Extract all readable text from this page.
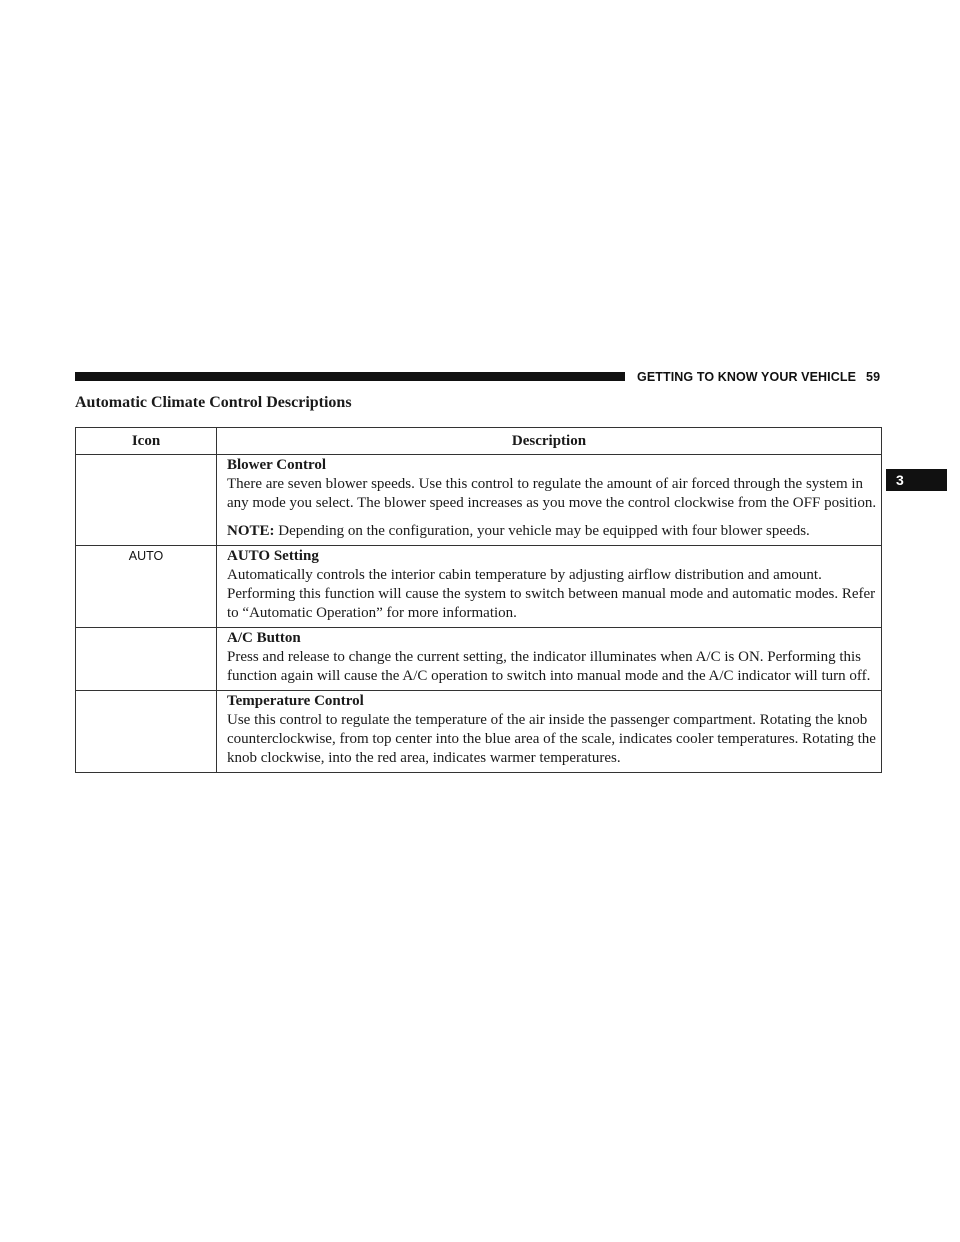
GETTING TO KNOW YOUR VEHICLE 59
3
Automatic Climate Control Descriptions
Icon	Description

	Blower Control
There are seven blower speeds. Use this control to regulate the amount of air forced through the system in any mode you select. The blower speed increases as you move the control clockwise from the OFF position.
NOTE: Depending on the configuration, your vehicle may be equipped with four blower speeds.

AUTO	AUTO Setting
Automatically controls the interior cabin temperature by adjusting airflow distribution and amount. Performing this function will cause the system to switch between manual mode and automatic modes. Refer to “Automatic Operation” for more information.

	A/C Button
Press and release to change the current setting, the indicator illuminates when A/C is ON. Performing this function again will cause the A/C operation to switch into manual mode and the A/C indicator will turn off.

	Temperature Control
Use this control to regulate the temperature of the air inside the passenger compartment. Rotating the knob counterclockwise, from top center into the blue area of the scale, indicates cooler temperatures. Rotating the knob clockwise, into the red area, indicates warmer temperatures.
